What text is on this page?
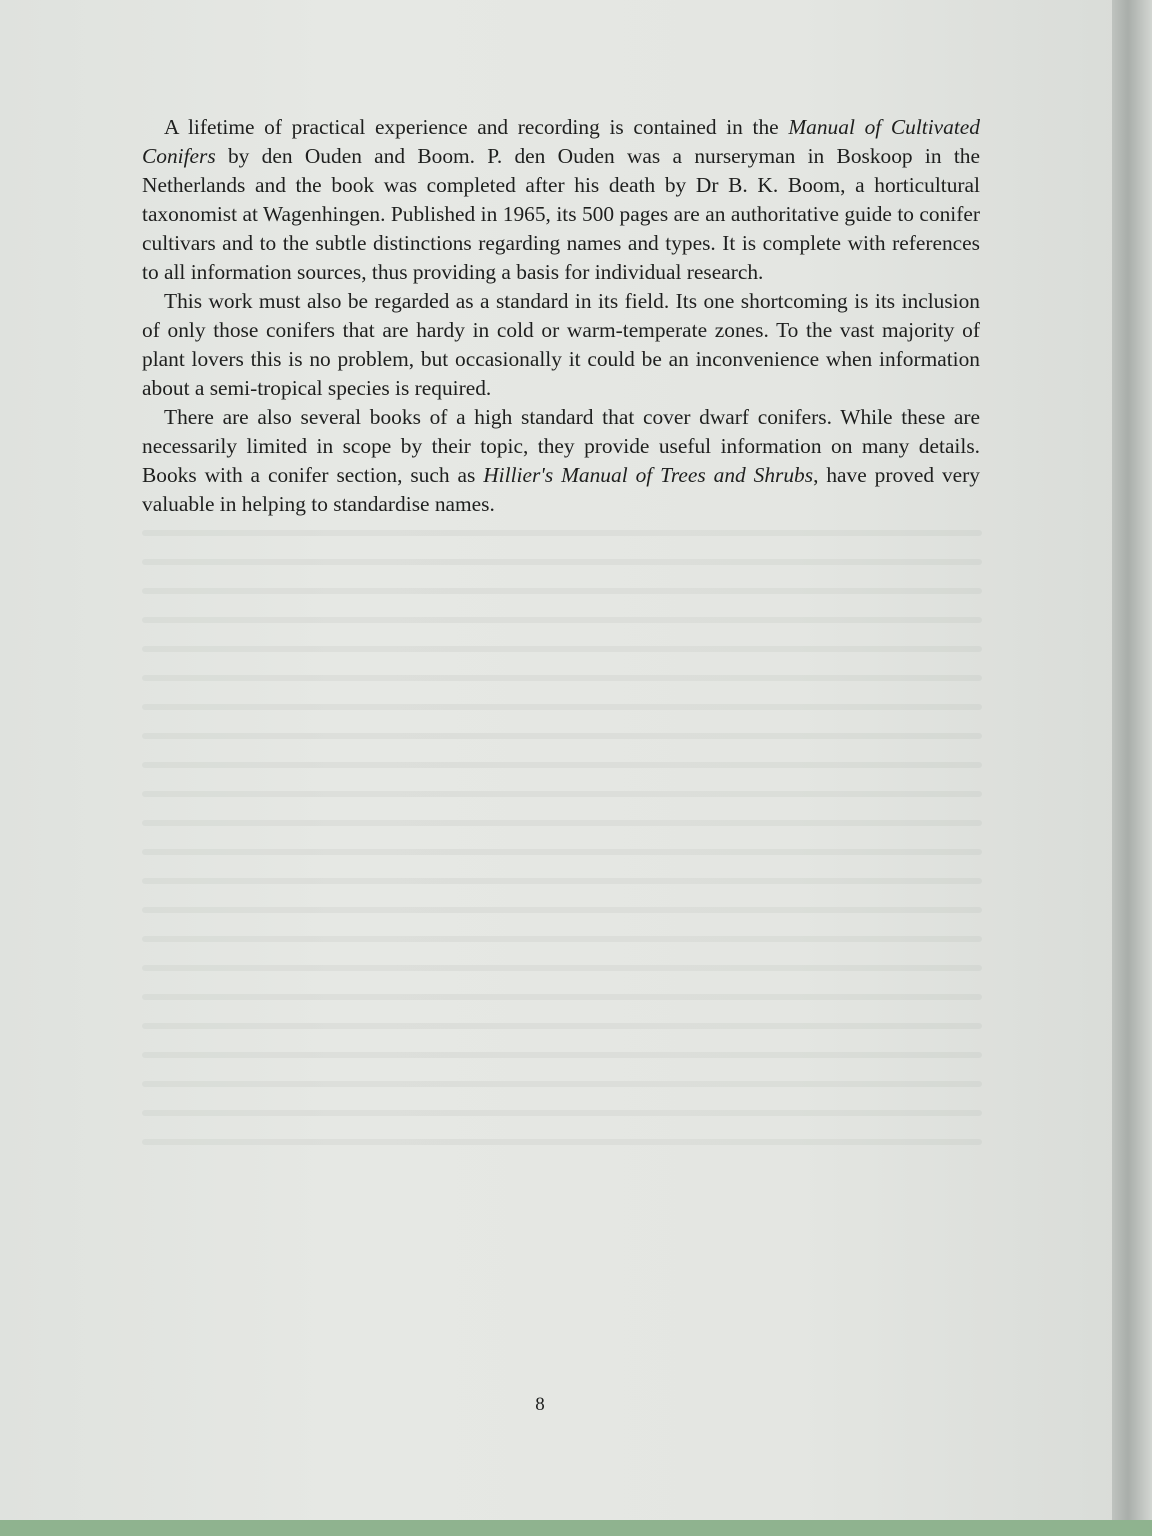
A lifetime of practical experience and recording is contained in the Manual of Cultivated Conifers by den Ouden and Boom. P. den Ouden was a nurseryman in Boskoop in the Netherlands and the book was completed after his death by Dr B. K. Boom, a horticultural taxonomist at Wagenhingen. Published in 1965, its 500 pages are an authoritative guide to conifer cultivars and to the subtle distinctions regarding names and types. It is complete with references to all information sources, thus providing a basis for individual research.

This work must also be regarded as a standard in its field. Its one shortcoming is its inclusion of only those conifers that are hardy in cold or warm-temperate zones. To the vast majority of plant lovers this is no problem, but occasionally it could be an inconvenience when information about a semi-tropical species is required.

There are also several books of a high standard that cover dwarf conifers. While these are necessarily limited in scope by their topic, they provide useful information on many details. Books with a conifer section, such as Hillier's Manual of Trees and Shrubs, have proved very valuable in helping to standardise names.

8
